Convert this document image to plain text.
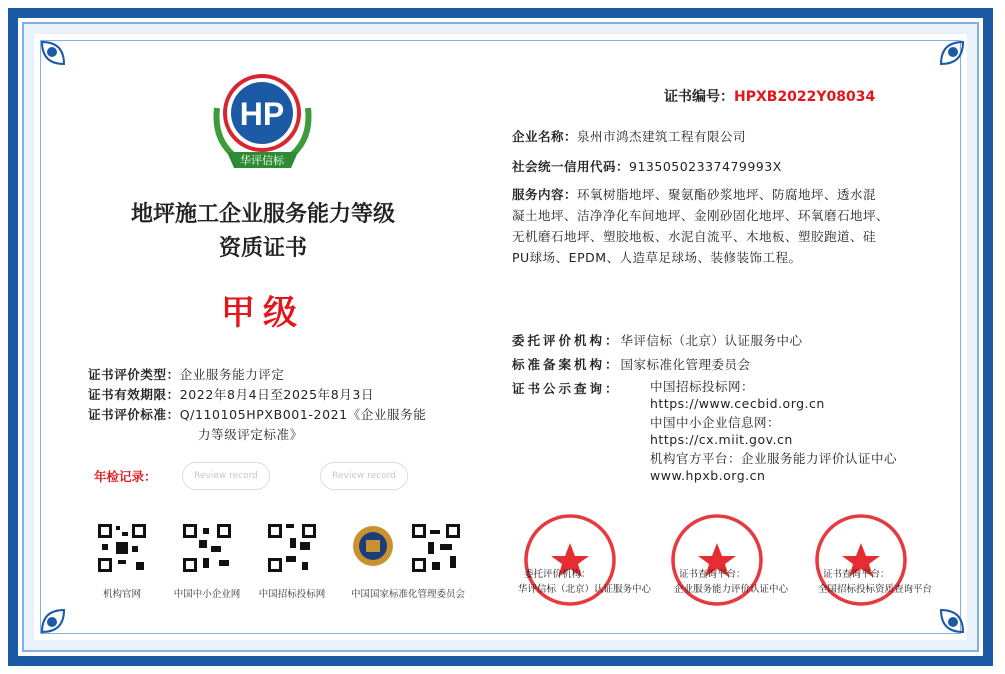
HP
华评信标
地坪施工企业服务能力等级
资质证书
甲级
证书编号：HPXB2022Y08034
企业名称：泉州市鸿杰建筑工程有限公司
社会统一信用代码：91350502337479993X
服务内容：环氧树脂地坪、聚氨酯砂浆地坪、防腐地坪、透水混
凝土地坪、洁净净化车间地坪、金刚砂固化地坪、环氧磨石地坪、
无机磨石地坪、塑胶地板、水泥自流平、木地板、塑胶跑道、硅
PU球场、EPDM、人造草足球场、装修装饰工程。
委托评价机构：华评信标（北京）认证服务中心
标准备案机构：国家标准化管理委员会
证书公示查询： 中国招标投标网：
https://www.cecbid.org.cn
中国中小企业信息网：
https://cx.miit.gov.cn
机构官方平台：企业服务能力评价认证中心
www.hpxb.org.cn
证书评价类型：企业服务能力评定
证书有效期限：2022年8月4日至2025年8月3日
证书评价标准：Q/110105HPXB001-2021《企业服务能
力等级评定标准》
年检记录：	Review record	Review record
机构官网	中国中小企业网	中国招标投标网	中国国家标准化管理委员会
委托评价机构：
华评信标（北京）认证服务中心
证书查询平台：
企业服务能力评价认证中心
证书查询平台：
全国招标投标资质查询平台
